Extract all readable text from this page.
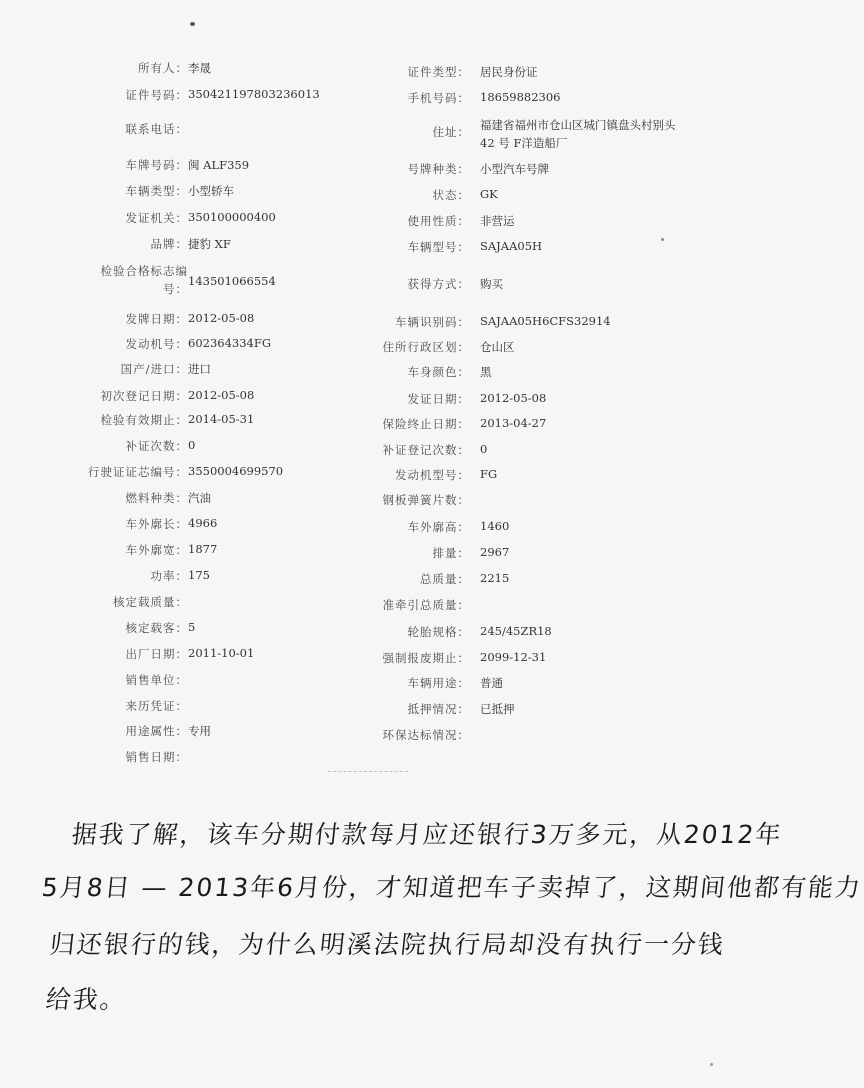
所有人： 李晟
证件号码： 350421197803236013
联系电话：
车牌号码： 闽 ALF359
车辆类型： 小型轿车
发证机关： 350100000400
品牌： 捷豹 XF
检验合格标志编号：
143501066554
发牌日期： 2012-05-08
发动机号： 602364334FG
国产/进口： 进口
初次登记日期： 2012-05-08
检验有效期止： 2014-05-31
补证次数： 0
行驶证证芯编号： 3550004699570
燃料种类： 汽油
车外廓长： 4966
车外廓宽： 1877
功率： 175
核定载质量：
核定载客： 5
出厂日期： 2011-10-01
销售单位：
来历凭证：
用途属性： 专用
销售日期：
证件类型： 居民身份证
手机号码： 18659882306
住址： 福建省福州市仓山区城门镇盘头村别头 42 号 F洋造船厂
号牌种类： 小型汽车号牌
状态： GK
使用性质： 非营运
车辆型号： SAJAA05H
获得方式： 购买
车辆识别码： SAJAA05H6CFS32914
住所行政区划： 仓山区
车身颜色： 黑
发证日期： 2012-05-08
保险终止日期： 2013-04-27
补证登记次数： 0
发动机型号： FG
钢板弹簧片数：
车外廓高： 1460
排量： 2967
总质量： 2215
准牵引总质量：
轮胎规格： 245/45ZR18
强制报废期止： 2099-12-31
车辆用途： 普通
抵押情况： 已抵押
环保达标情况：
据我了解，该车分期付款每月应还银行3万多元，从2012年
5月8日 — 2013年6月份，才知道把车子卖掉了，这期间他都有能力
归还银行的钱，为什么明溪法院执行局却没有执行一分钱
给我。
